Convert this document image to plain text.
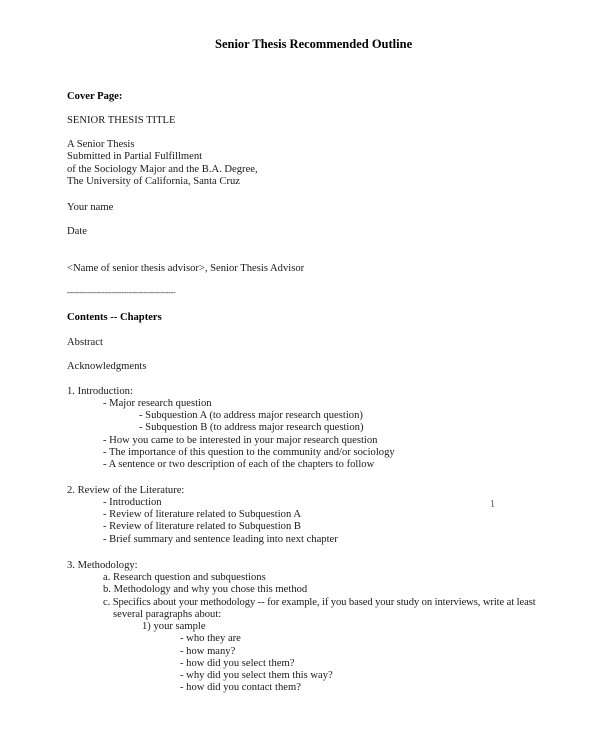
Senior Thesis Recommended Outline
Cover Page:
SENIOR THESIS TITLE
A Senior Thesis
Submitted in Partial Fulfillment
of the Sociology Major and the B.A. Degree,
The University of California, Santa Cruz
Your name
Date
<Name of senior thesis advisor>, Senior Thesis Advisor
--------------------------------------------
Contents -- Chapters
Abstract
Acknowledgments
1. Introduction:
- Major research question
- Subquestion A (to address major research question)
- Subquestion B (to address major research question)
- How you came to be interested in your major research question
- The importance of this question to the community and/or sociology
- A sentence or two description of each of the chapters to follow
2. Review of the Literature:
- Introduction
- Review of literature related to Subquestion A
- Review of literature related to Subquestion B
- Brief summary and sentence leading into next chapter
1
3. Methodology:
a. Research question and subquestions
b. Methodology and why you chose this method
c. Specifics about your methodology -- for example, if you based your study on interviews, write at least
several paragraphs about:
1) your sample
- who they are
- how many?
- how did you select them?
- why did you select them this way?
- how did you contact them?
